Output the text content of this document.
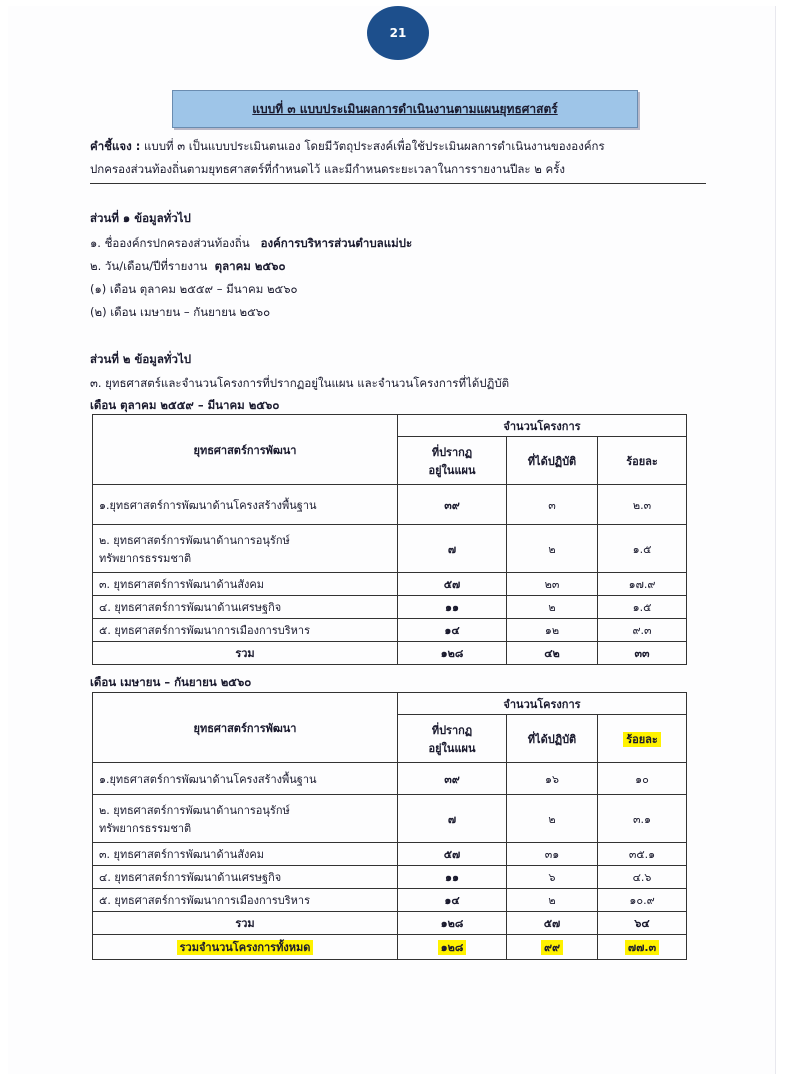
21
แบบที่ ๓ แบบประเมินผลการดำเนินงานตามแผนยุทธศาสตร์
คำชี้แจง : แบบที่ ๓ เป็นแบบประเมินตนเอง โดยมีวัตถุประสงค์เพื่อใช้ประเมินผลการดำเนินงานขององค์กร
ปกครองส่วนท้องถิ่นตามยุทธศาสตร์ที่กำหนดไว้ และมีกำหนดระยะเวลาในการรายงานปีละ ๒ ครั้ง
ส่วนที่ ๑ ข้อมูลทั่วไป
๑. ชื่อองค์กรปกครองส่วนท้องถิ่น องค์การบริหารส่วนตำบลแม่ปะ
๒. วัน/เดือน/ปีที่รายงาน ตุลาคม ๒๕๖๐
(๑) เดือน ตุลาคม ๒๕๕๙ – มีนาคม ๒๕๖๐
(๒) เดือน เมษายน – กันยายน ๒๕๖๐
ส่วนที่ ๒ ข้อมูลทั่วไป
๓. ยุทธศาสตร์และจำนวนโครงการที่ปรากฏอยู่ในแผน และจำนวนโครงการที่ได้ปฏิบัติ
เดือน ตุลาคม ๒๕๕๙ – มีนาคม ๒๕๖๐
ยุทธศาสตร์การพัฒนา	จำนวนโครงการ		

	ที่ปรากฏ
อยู่ในแผน	ที่ได้ปฏิบัติ	ร้อยละ
๑.ยุทธศาสตร์การพัฒนาด้านโครงสร้างพื้นฐาน	๓๙	๓	๒.๓

๒. ยุทธศาสตร์การพัฒนาด้านการอนุรักษ์
ทรัพยากรธรรมชาติ	๗	๒	๑.๕
๓. ยุทธศาสตร์การพัฒนาด้านสังคม	๕๗	๒๓	๑๗.๙
๔. ยุทธศาสตร์การพัฒนาด้านเศรษฐกิจ	๑๑	๒	๑.๕
๕. ยุทธศาสตร์การพัฒนาการเมืองการบริหาร	๑๔	๑๒	๙.๓
รวม	๑๒๘	๔๒	๓๓
เดือน เมษายน – กันยายน ๒๕๖๐
ยุทธศาสตร์การพัฒนา	จำนวนโครงการ		

	ที่ปรากฏ
อยู่ในแผน	ที่ได้ปฏิบัติ	ร้อยละ
๑.ยุทธศาสตร์การพัฒนาด้านโครงสร้างพื้นฐาน	๓๙	๑๖	๑๐

๒. ยุทธศาสตร์การพัฒนาด้านการอนุรักษ์
ทรัพยากรธรรมชาติ	๗	๒	๓.๑
๓. ยุทธศาสตร์การพัฒนาด้านสังคม	๕๗	๓๑	๓๕.๑
๔. ยุทธศาสตร์การพัฒนาด้านเศรษฐกิจ	๑๑	๖	๔.๖
๕. ยุทธศาสตร์การพัฒนาการเมืองการบริหาร	๑๔	๒	๑๐.๙
รวม	๑๒๘	๕๗	๖๔
รวมจำนวนโครงการทั้งหมด	๑๒๘	๙๙	๗๗.๓
